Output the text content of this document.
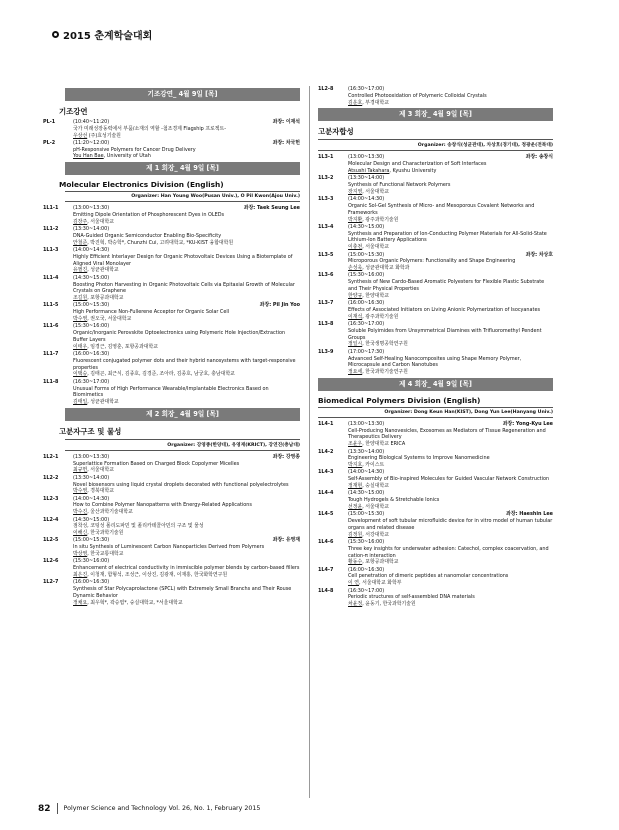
2015 춘계학술대회
기조강연_ 4월 9일 [목]
기조강연
PL-1	(10:40~11:20)	좌장: 이재석
국가 미래성장동력에서 부품/소재의 역할 -첨조경제 Flagship 프로젝트-
우상선 (주)효성기술원
PL-2	(11:20~12:00)	좌장: 차국헌
pH-Responsive Polymers for Cancer Drug Delivery
You Han Bae, University of Utah
제 1 회장_ 4월 9일 [목]
Molecular Electronics Division (English)
Organizer: Han Young Woo(Pusan Univ.), O Pil Kwon(Ajou Univ.)
1L1-1	(13:00~13:30)	좌장: Taek Seung Lee
Emitting Dipole Orientation of Phosphorescent Dyes in OLEDs
김장주, 서울대학교
1L1-2	(13:30~14:00)
DNA-Guided Organic Semiconductor Enabling Bio-Specificity
안철준, 박진혁, 박승학*, Chunzhi Cui, 고려대학교, *KU-KIST 융합대학원
1L1-3	(14:00~14:30)
Highly Efficient Interlayer Design for Organic Photovoltaic Devices Using a Biotemplate of Aligned Viral Monolayer
유필진, 성균관대학교
1L1-4	(14:30~15:00)
Boosting Photon Harvesting in Organic Photovoltaic Cells via Epitaxial Growth of Molecular Crystals on Graphene
조길원, 포항공과대학교
1L1-5	(15:00~15:30)	좌장: Pil Jin Yoo
High Performance Non-Fullerene Acceptor for Organic Solar Cell
박수영, 권오국, 서울대학교
1L1-6	(15:30~16:00)
Organic/Inorganic Perovskite Optoelectronics using Polymeric Hole Injection/Extraction Buffer Layers
이태우, 임경근, 김영훈, 포항공과대학교
1L1-7	(16:00~16:30)
Fluorescent conjugated polymer dots and their hybrid nanosystems with target-responsive properties
이택승, 김태곤, 최근식, 김종호, 김경준, 조아라, 김종호, 남궁호, 충남대학교
1L1-8	(16:30~17:00)
Unusual Forms of High Performance Wearable/Implantable Electronics Based on Biomimetics
김태일, 성균관대학교
제 2 회장_ 4월 9일 [목]
고분자구조 및 물성
Organizer: 강영종(한양대), 유영재(KRICT), 강연진(충남대)
1L2-1	(13:00~13:30)	좌장: 강영종
Superlattice Formation Based on Charged Block Copolymer Micelles
최규헌, 서울대학교
1L2-2	(13:30~14:00)
Novel biosensors using liquid crystal droplets decorated with functional polyelectrolytes
박수영, 경북대학교
1L2-3	(14:00~14:30)
How to Combine Polymer Nanopatterns with Energy-Related Applications
박수진, 울산과학기술대학교
1L2-4	(14:30~15:00)
점착성, 코팅성 폴리도파민 및 폴리카테콜아민의 구조 및 물성
이해신, 한국과학기술원
1L2-5	(15:00~15:30)	좌장: 유영재
In situ Synthesis of Luminescent Carbon Nanoparticles Derived from Polymers
박상영, 한국교통대학교
1L2-6	(15:30~16:00)
Enhancement of electrical conductivity in immiscible polymer blends by carbon-based fillers
최은진, 이청재, 함형석, 조성근, 이상진, 김광재, 이재홍, 한국화학연구원
1L2-7	(16:00~16:30)
Synthesis of Star Polycaprolactone (SPCL) with Extremely Small Branchs and Their Rouse Dynamic Behavior
정채요, 최우혁*, 곽승엽*, 숭실대학교, *서울대학교
1L2-8	(16:30~17:00)
Controlled Photooxidation of Polymeric Colloidal Crystals
김운호, 부경대학교
제 3 회장_ 4월 9일 [목]
고분자합성
Organizer: 송창식(성균관대), 차상호(경기대), 정광운(전북대)
1L3-1	(13:00~13:30)	좌장: 송창식
Molecular Design and Characterization of Soft Interfaces
Atsushi Takahara, Kyushu University
1L3-2	(13:30~14:00)
Synthesis of Functional Network Polymers
장지영, 서울대학교
1L3-3	(14:00~14:30)
Organic Sol-Gel Synthesis of Micro- and Mesoporous Covalent Networks and Frameworks
박지환, 광주과학기술원
1L3-4	(14:30~15:00)
Synthesis and Preparation of Ion-Conducting Polymer Materials for All-Solid-State Lithium-Ion Battery Applications
이충천, 서울대학교
1L3-5	(15:00~15:30)	좌장: 차상호
Microporous Organic Polymers: Functionality and Shape Engineering
손성욱, 성균관대학교 화학과
1L3-6	(15:30~16:00)
Synthesis of New Cardo-Based Aromatic Polyesters for Flexible Plastic Substrate and Their Physical Properties
한양규, 한양대학교
1L3-7	(16:00~16:30)
Effects of Associated Initiators on Living Anionic Polymerization of Isocyanates
이재석, 광주과학기술원
1L3-8	(16:30~17:00)
Soluble Polyimides from Unsymmetrical Diamines with Trifluoromethyl Pendent Groups
정일시, 한국생명공학연구원
1L3-9	(17:00~17:30)
Advanced Self-Healing Nanocomposites using Shape Memory Polymer, Microcapsule and Carbon Nanotubes
정요세, 한국과학기술연구원
제 4 회장_ 4월 9일 [목]
Biomedical Polymers Division (English)
Organizer: Dong Keun Han(KIST), Dong Yun Lee(Hanyang Univ.)
1L4-1	(13:00~13:30)	좌장: Yong-Kyu Lee
Cell-Producing Nanovesicles, Exosomes as Mediators of Tissue Regeneration and Therapeutics Delivery
조윤우, 한양대학교 ERICA
1L4-2	(13:30~14:00)
Engineering Biological Systems to Improve Nanomedicine
박지호, 카이스트
1L4-3	(14:00~14:30)
Self-Assembly of Bio-inspired Molecules for Guided Vascular Network Construction
정재현, 숭실대학교
1L4-4	(14:30~15:00)
Tough Hydrogels & Stretchable Ionics
선정윤, 서울대학교
1L4-5	(15:00~15:30)	좌장: Haeshin Lee
Development of soft tubular microfluidic device for in vitro model of human tubular organs and related disease
김정원, 서강대학교
1L4-6	(15:30~16:00)
Three key insights for underwater adhesion: Catechol, complex coacervation, and cation-π interaction
황동수, 포항공과대학교
1L4-7	(16:00~16:30)
Cell penetration of dimeric peptides at nanomolar concentrations
이 연, 서울대학교 화학부
1L4-8	(16:30~17:00)
Periodic structures of self-assembled DNA materials
차윤정, 윤동기, 한국과학기술원
82 Polymer Science and Technology Vol. 26, No. 1, February 2015
